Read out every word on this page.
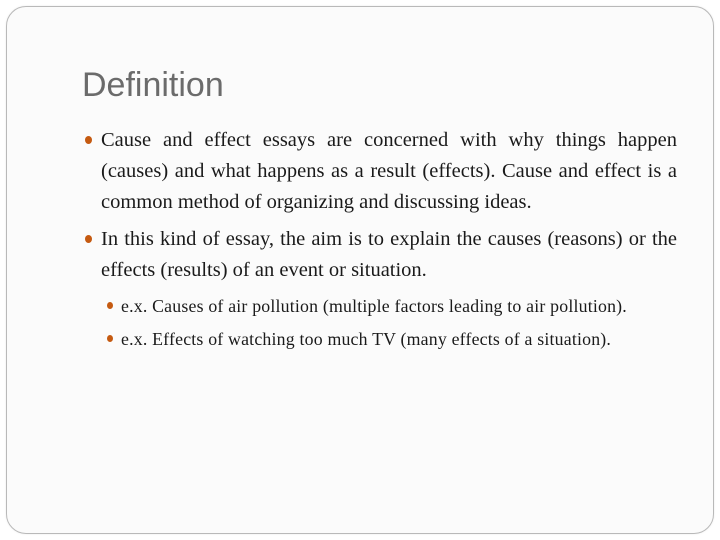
Definition
Cause and effect essays are concerned with why things happen (causes) and what happens as a result (effects). Cause and effect is a common method of organizing and discussing ideas.
In this kind of essay, the aim is to explain the causes (reasons) or the effects (results) of an event or situation.
e.x. Causes of air pollution (multiple factors leading to air pollution).
e.x. Effects of watching too much TV (many effects of a situation).
